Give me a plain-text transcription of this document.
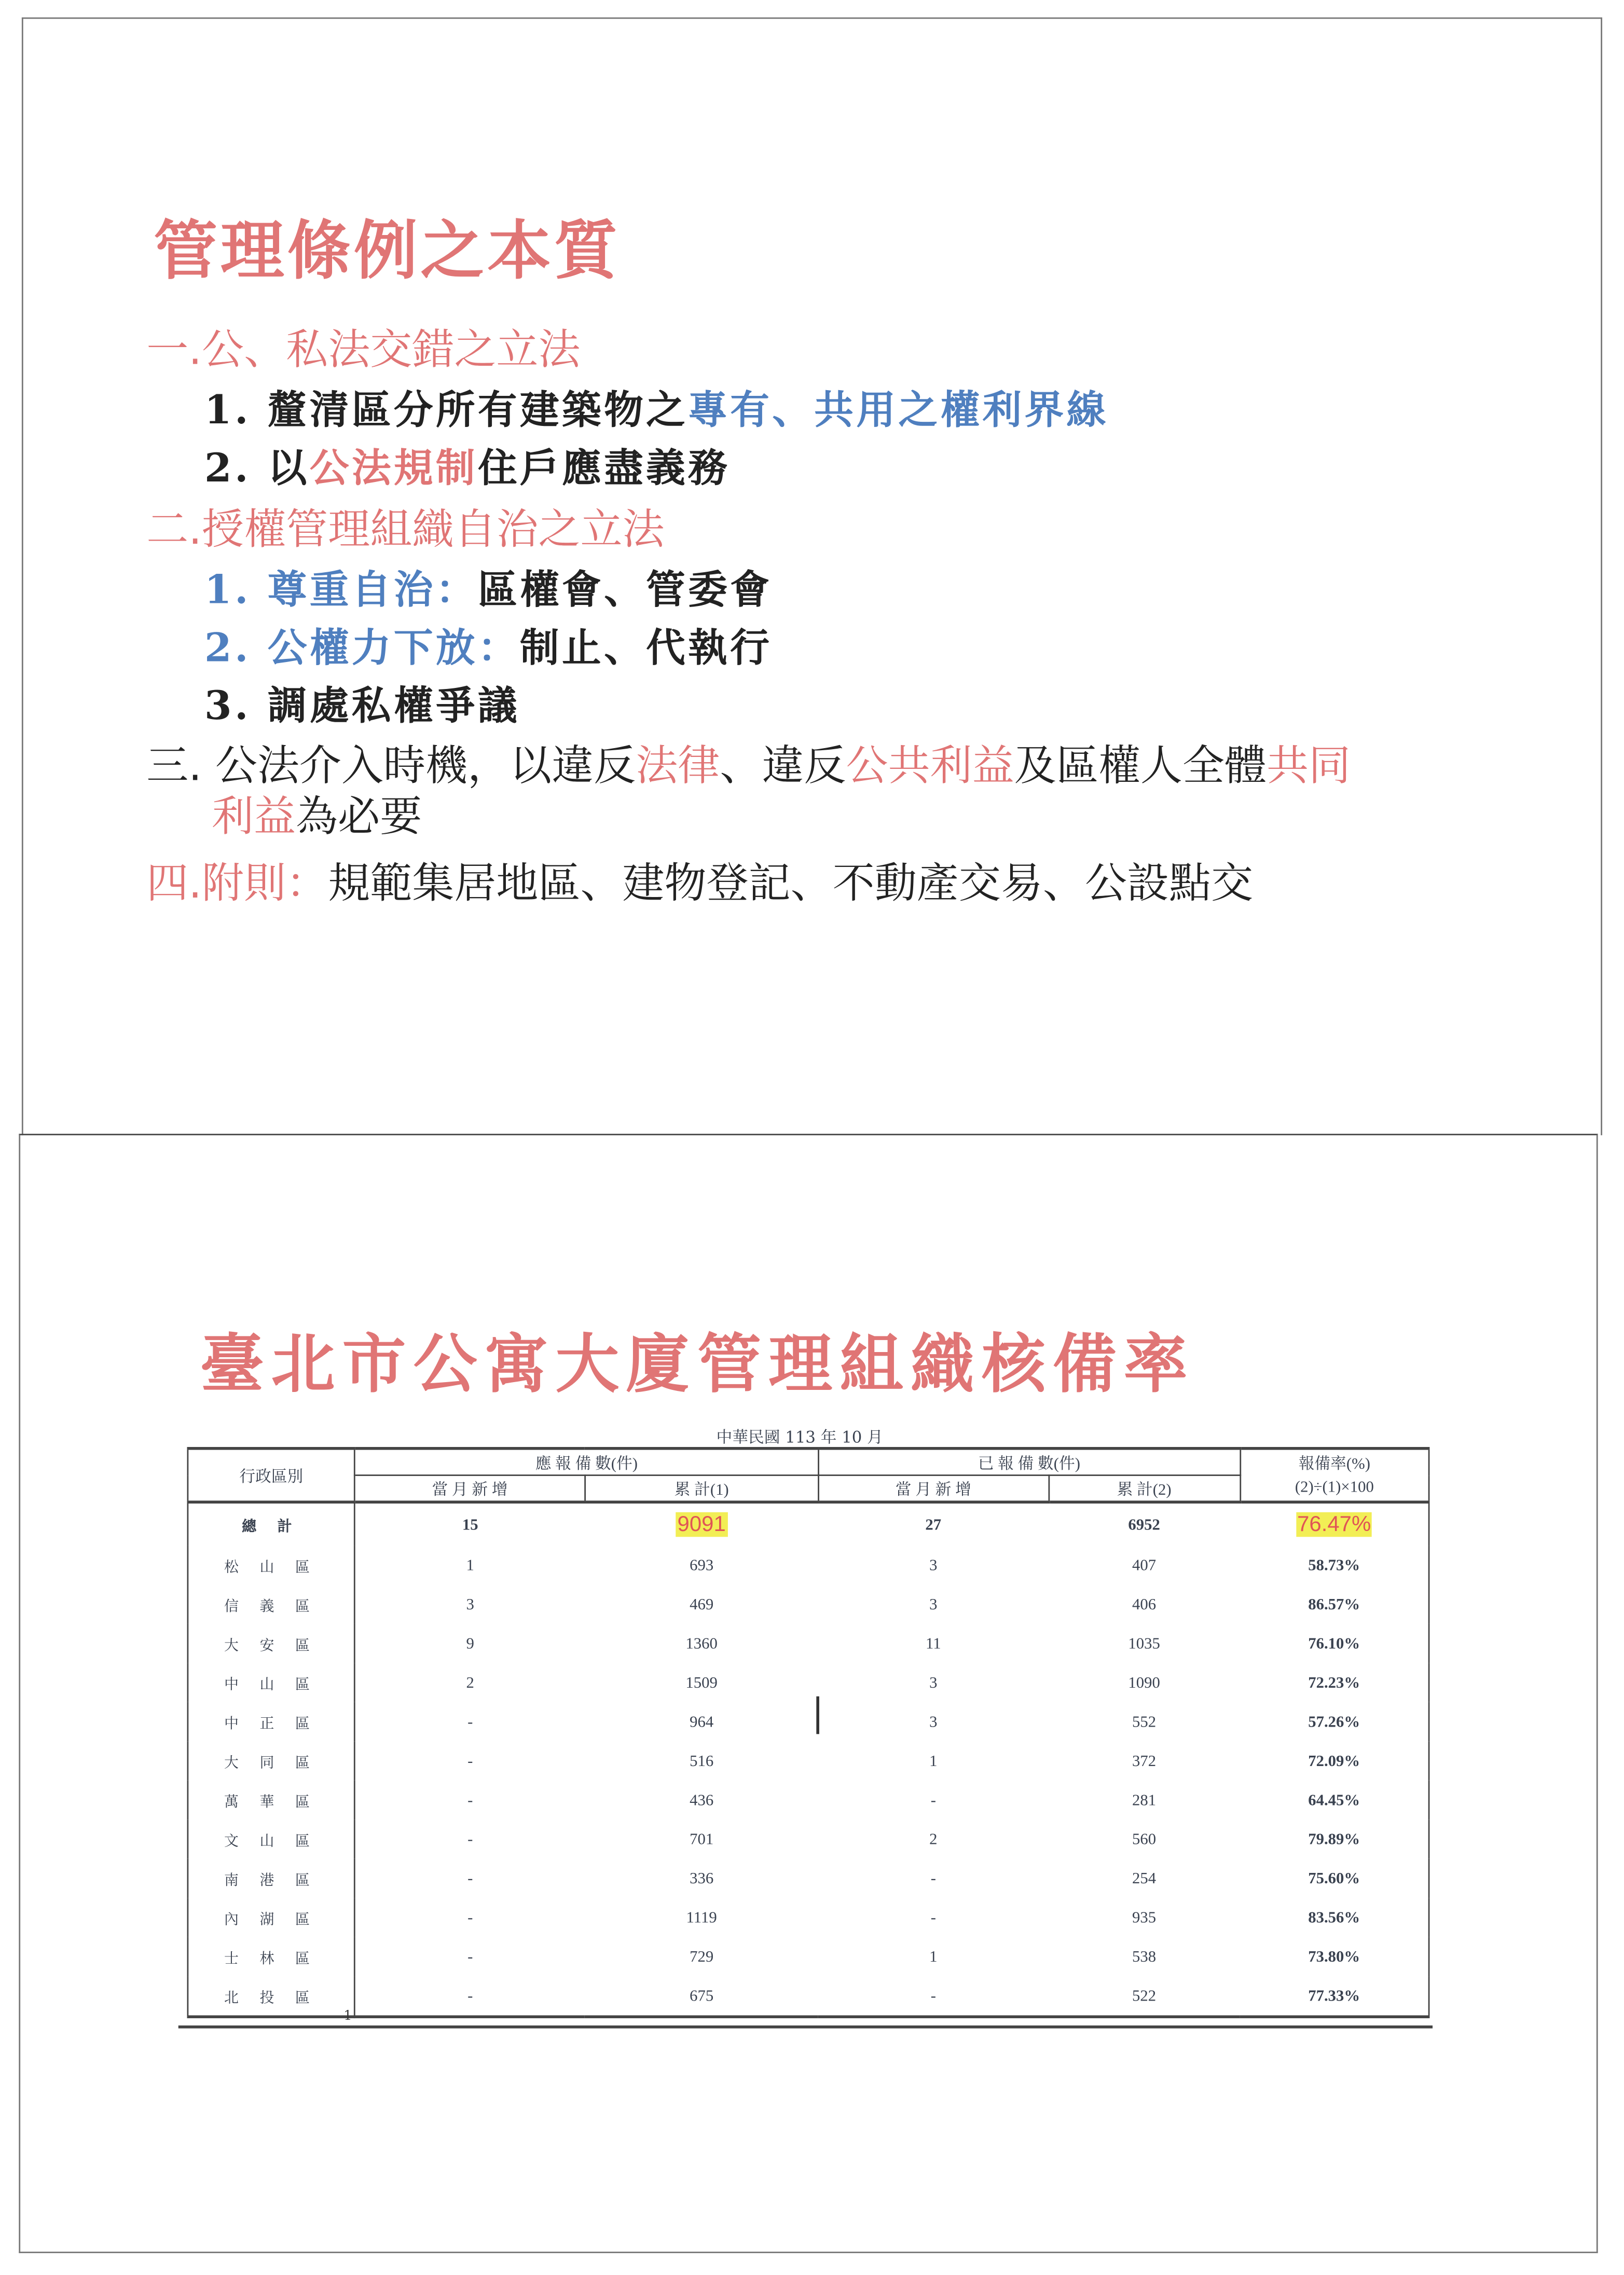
管理條例之本質
一.公、私法交錯之立法
1. 釐清區分所有建築物之專有、共用之權利界線
2. 以公法規制住戶應盡義務
二.授權管理組織自治之立法
1. 尊重自治：區權會、管委會
2. 公權力下放：制止、代執行
3. 調處私權爭議
三. 公法介入時機，以違反法律、違反公共利益及區權人全體共同
利益為必要
四.附則：規範集居地區、建物登記、不動產交易、公設點交
臺北市公寓大廈管理組織核備率
中華民國 113 年 10 月
行政區別	應 報 備 數(件)		已 報 備 數(件)		報備率(%)
	當 月 新 增	累 計(1)	當 月 新 增	累 計(2)	(2)÷(1)×100
總 計	15	9091	27	6952	76.47%
松 山 區	1	693	3	407	58.73%
信 義 區	3	469	3	406	86.57%
大 安 區	9	1360	11	1035	76.10%
中 山 區	2	1509	3	1090	72.23%
中 正 區	-	964	3	552	57.26%
大 同 區	-	516	1	372	72.09%
萬 華 區	-	436	-	281	64.45%
文 山 區	-	701	2	560	79.89%
南 港 區	-	336	-	254	75.60%
內 湖 區	-	1119	-	935	83.56%
士 林 區	-	729	1	538	73.80%
北 投 區	-	675	-	522	77.33%
1
